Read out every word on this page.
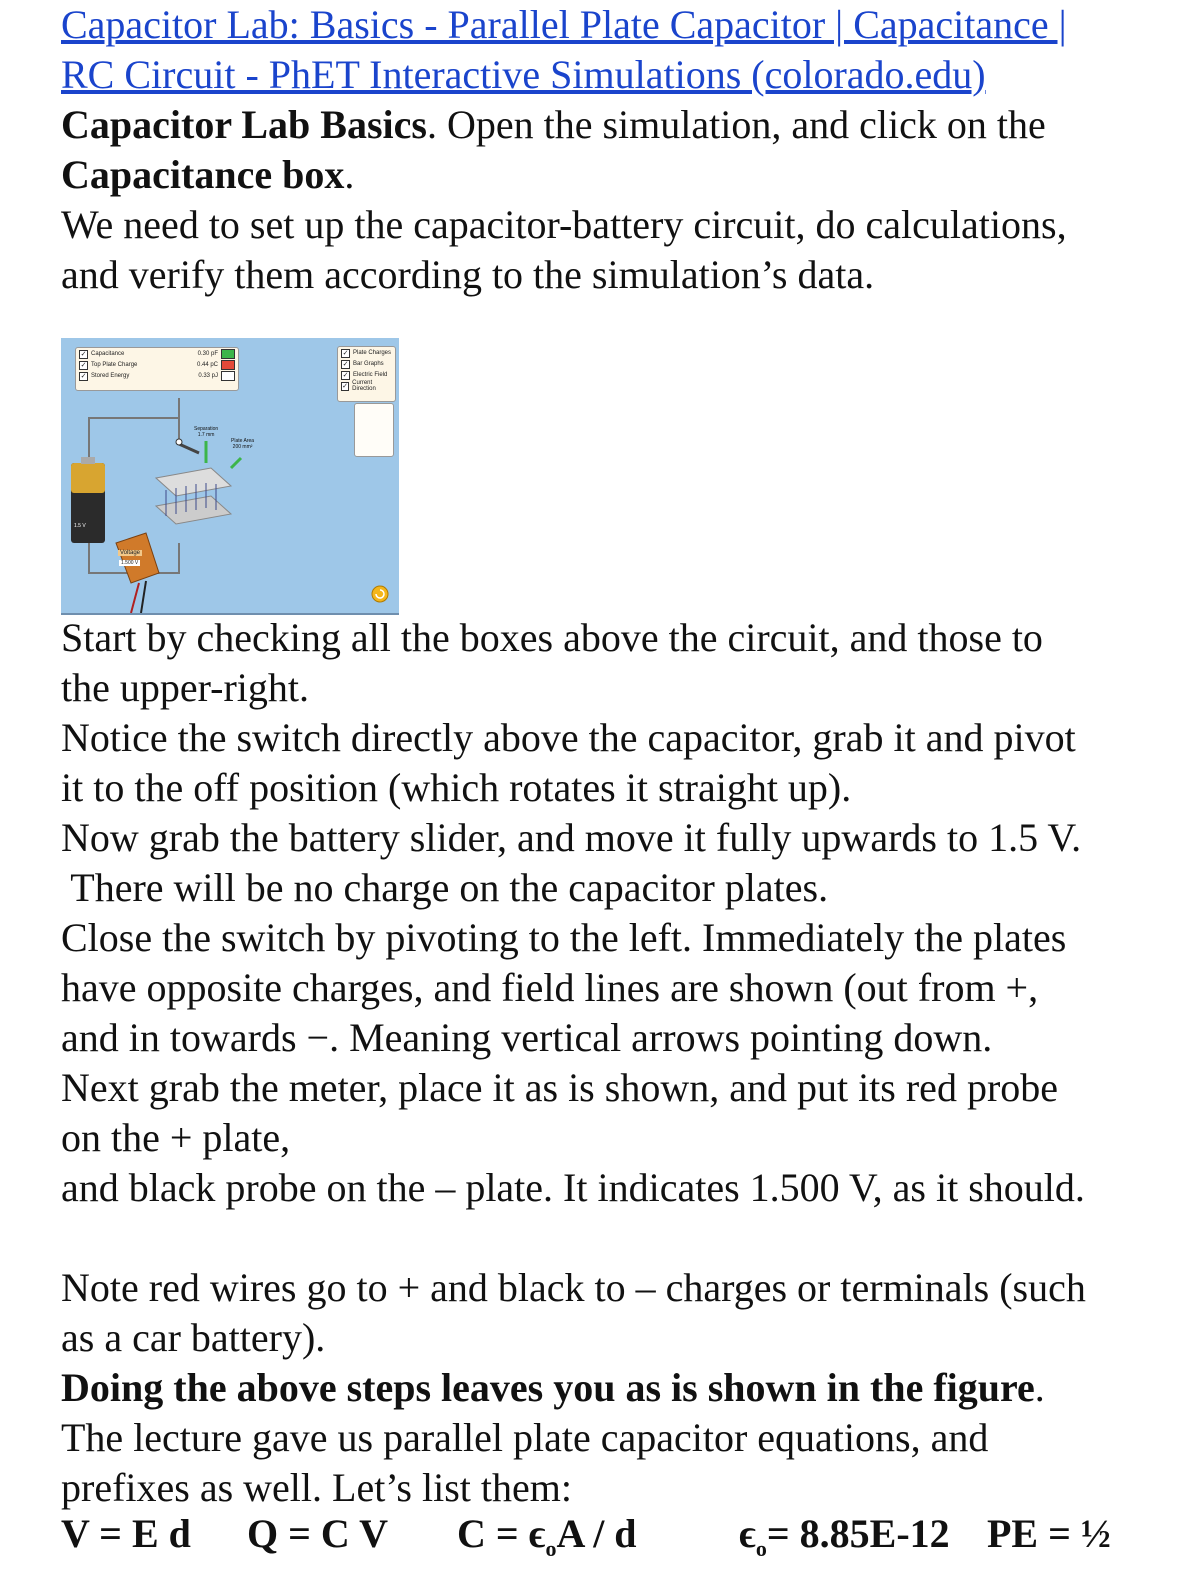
Capacitor Lab: Basics - Parallel Plate Capacitor | Capacitance |

RC Circuit - PhET Interactive Simulations (colorado.edu)

Capacitor Lab Basics. Open the simulation, and click on the

Capacitance box.

We need to set up the capacitor-battery circuit, do calculations,

and verify them according to the simulation’s data.

✓ Capacitance	0.30 pF
✓ Top Plate Charge	0.44 pC
✓ Stored Energy	0.33 pJ
✓ Plate Charges
✓ Bar Graphs
✓ Electric Field
✓ Current Direction
Separation
1.7 mm
Plate Area
200 mm²
1.5 V
Voltage
1.500 V

Start by checking all the boxes above the circuit, and those to

the upper-right.

Notice the switch directly above the capacitor, grab it and pivot

it to the off position (which rotates it straight up).

Now grab the battery slider, and move it fully upwards to 1.5 V.

There will be no charge on the capacitor plates.

Close the switch by pivoting to the left. Immediately the plates

have opposite charges, and field lines are shown (out from +,

and in towards −. Meaning vertical arrows pointing down.

Next grab the meter, place it as is shown, and put its red probe

on the + plate,

and black probe on the – plate. It indicates 1.500 V, as it should.

Note red wires go to + and black to – charges or terminals (such

as a car battery).

Doing the above steps leaves you as is shown in the figure.

The lecture gave us parallel plate capacitor equations, and

prefixes as well. Let’s list them:

V = E d	Q = C V	$C = \epsilon_oA / d$	$\epsilon_o= 8.85E-12$ PE = ½
